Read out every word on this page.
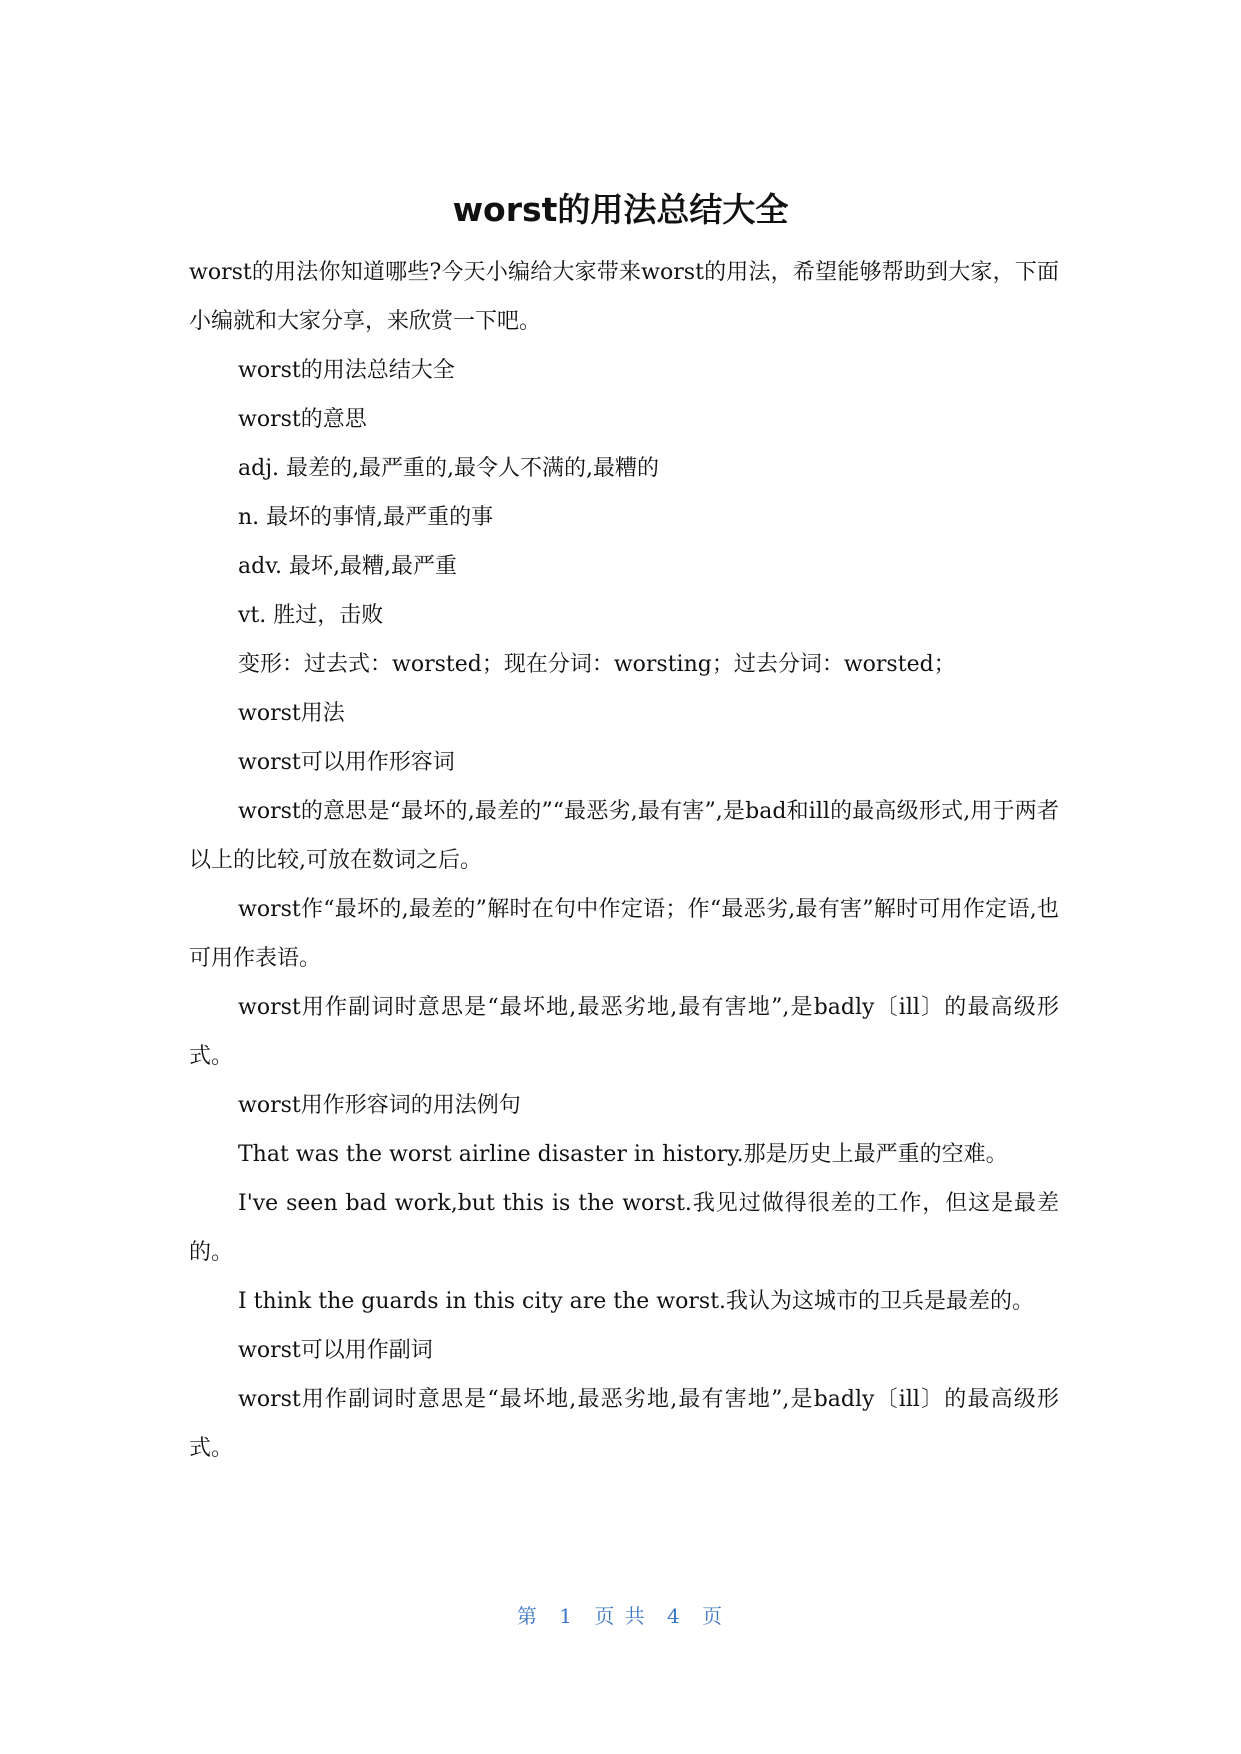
worst的用法总结大全

worst的用法你知道哪些?今天小编给大家带来worst的用法，希望能够帮助到大家，下面小编就和大家分享，来欣赏一下吧。

worst的用法总结大全

worst的意思

adj. 最差的,最严重的,最令人不满的,最糟的

n. 最坏的事情,最严重的事

adv. 最坏,最糟,最严重

vt. 胜过，击败

变形：过去式：worsted；现在分词：worsting；过去分词：worsted；

worst用法

worst可以用作形容词

worst的意思是“最坏的,最差的”“最恶劣,最有害”,是bad和ill的最高级形式,用于两者以上的比较,可放在数词之后。

worst作“最坏的,最差的”解时在句中作定语；作“最恶劣,最有害”解时可用作定语,也可用作表语。

worst用作副词时意思是“最坏地,最恶劣地,最有害地”,是badly〔ill〕的最高级形式。

worst用作形容词的用法例句

That was the worst airline disaster in history.那是历史上最严重的空难。

I've seen bad work,but this is the worst.我见过做得很差的工作，但这是最差的。

I think the guards in this city are the worst.我认为这城市的卫兵是最差的。

worst可以用作副词

worst用作副词时意思是“最坏地,最恶劣地,最有害地”,是badly〔ill〕的最高级形式。

第 1 页 共 4 页
